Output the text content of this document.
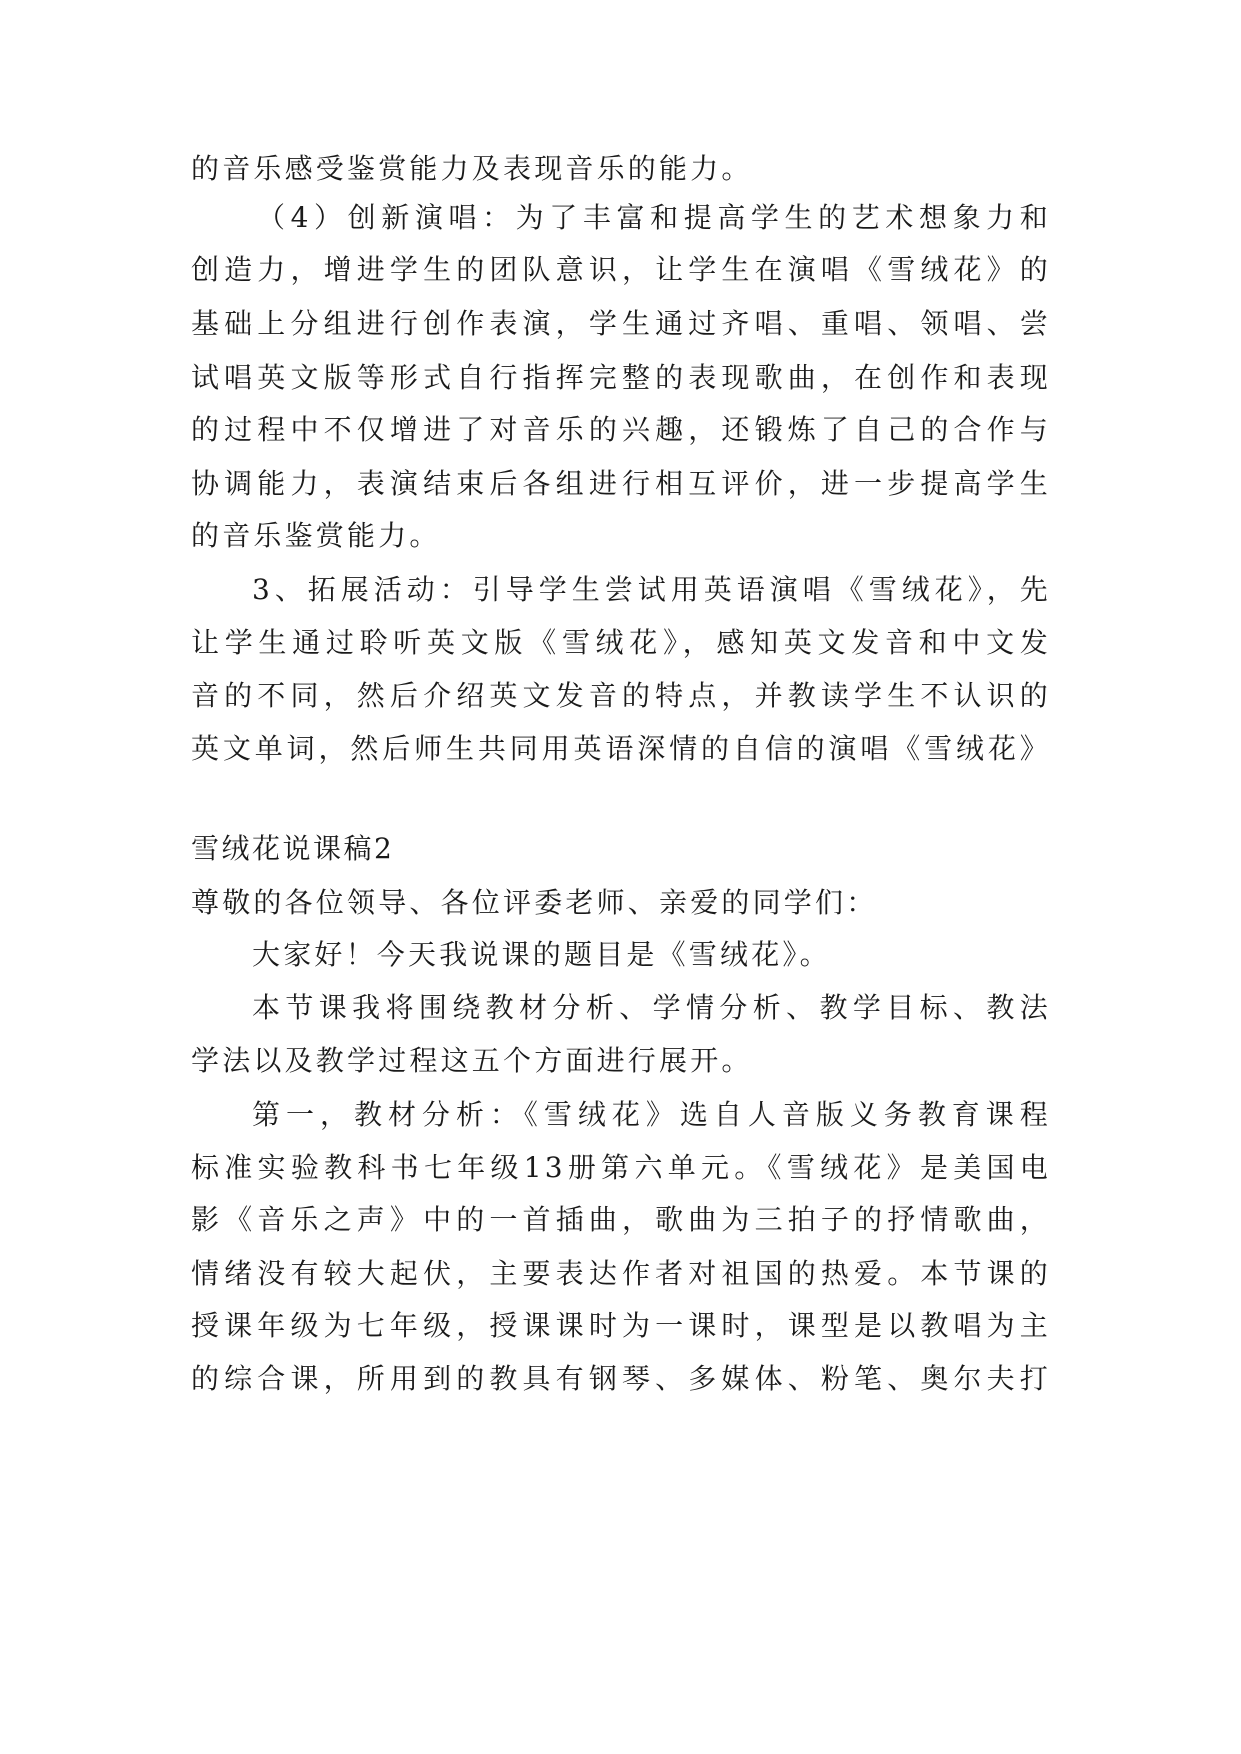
的音乐感受鉴赏能力及表现音乐的能力。
（4）创新演唱：为了丰富和提高学生的艺术想象力和
创造力，增进学生的团队意识，让学生在演唱《雪绒花》的
基础上分组进行创作表演，学生通过齐唱、重唱、领唱、尝
试唱英文版等形式自行指挥完整的表现歌曲，在创作和表现
的过程中不仅增进了对音乐的兴趣，还锻炼了自己的合作与
协调能力，表演结束后各组进行相互评价，进一步提高学生
的音乐鉴赏能力。
3、拓展活动：引导学生尝试用英语演唱《雪绒花》，先
让学生通过聆听英文版《雪绒花》，感知英文发音和中文发
音的不同，然后介绍英文发音的特点，并教读学生不认识的
英文单词，然后师生共同用英语深情的自信的演唱《雪绒花》
雪绒花说课稿2
尊敬的各位领导、各位评委老师、亲爱的同学们：
大家好！今天我说课的题目是《雪绒花》。
本节课我将围绕教材分析、学情分析、教学目标、教法
学法以及教学过程这五个方面进行展开。
第一，教材分析：《雪绒花》选自人音版义务教育课程
标准实验教科书七年级13册第六单元。《雪绒花》是美国电
影《音乐之声》中的一首插曲，歌曲为三拍子的抒情歌曲，
情绪没有较大起伏，主要表达作者对祖国的热爱。本节课的
授课年级为七年级，授课课时为一课时，课型是以教唱为主
的综合课，所用到的教具有钢琴、多媒体、粉笔、奥尔夫打
